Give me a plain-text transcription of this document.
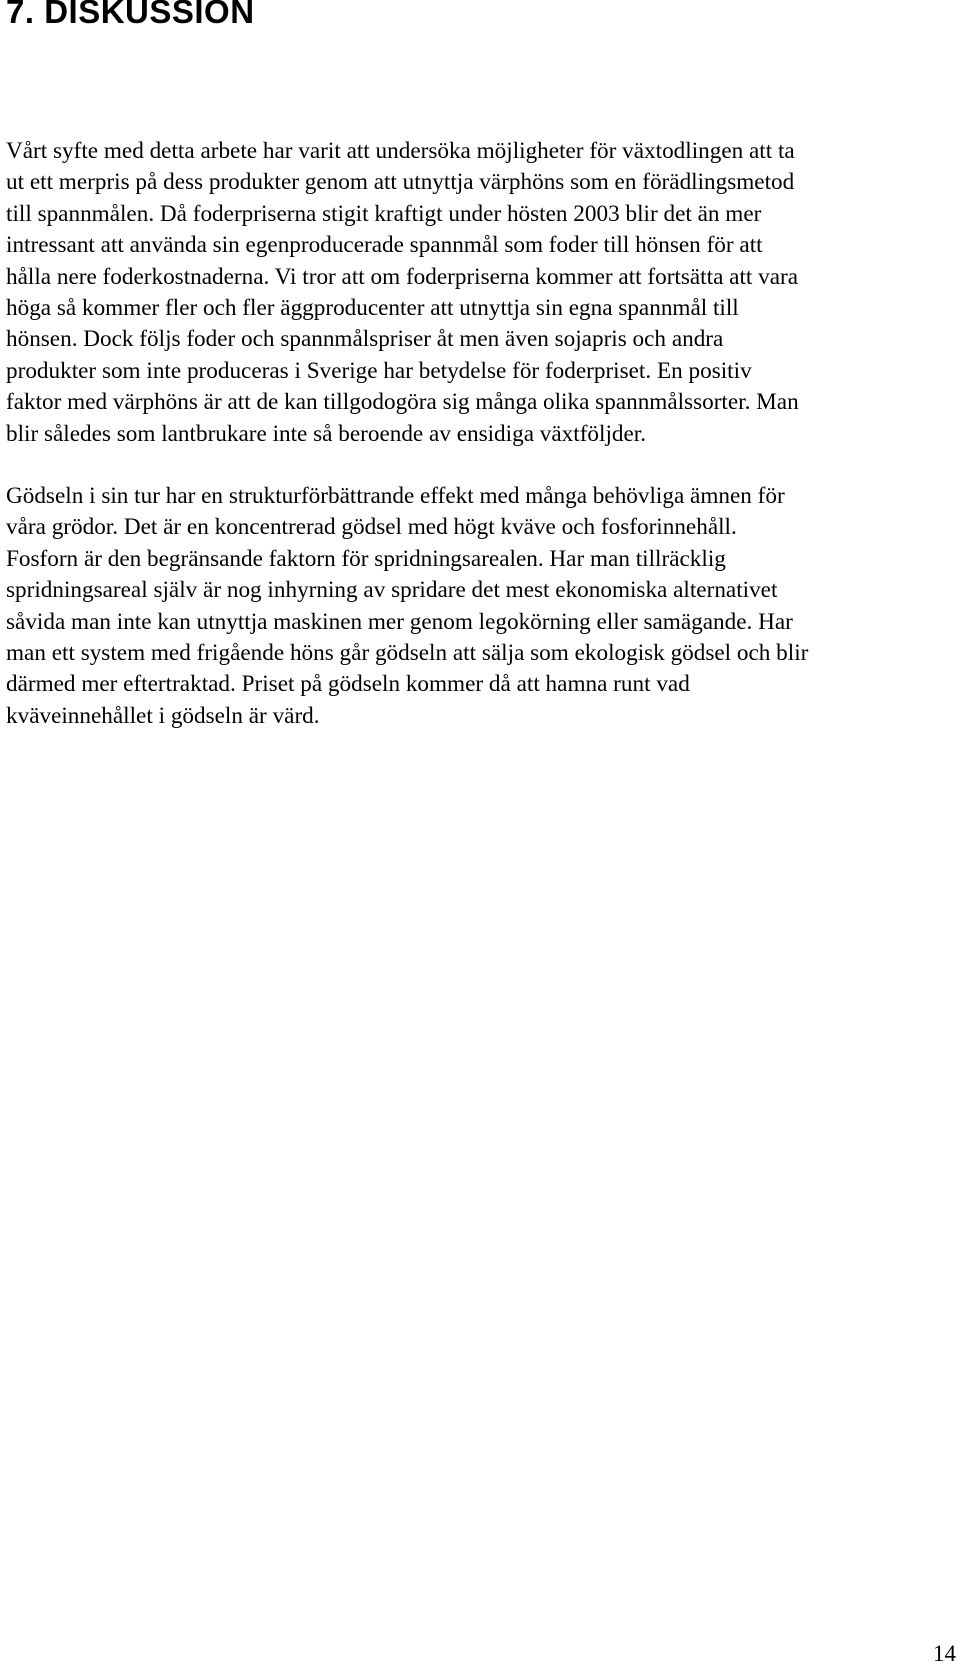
7. DISKUSSION

Vårt syfte med detta arbete har varit att undersöka möjligheter för växtodlingen att ta
ut ett merpris på dess produkter genom att utnyttja värphöns som en förädlingsmetod
till spannmålen. Då foderpriserna stigit kraftigt under hösten 2003 blir det än mer
intressant att använda sin egenproducerade spannmål som foder till hönsen för att
hålla nere foderkostnaderna. Vi tror att om foderpriserna kommer att fortsätta att vara
höga så kommer fler och fler äggproducenter att utnyttja sin egna spannmål till
hönsen. Dock följs foder och spannmålspriser åt men även sojapris och andra
produkter som inte produceras i Sverige har betydelse för foderpriset. En positiv
faktor med värphöns är att de kan tillgodogöra sig många olika spannmålssorter. Man
blir således som lantbrukare inte så beroende av ensidiga växtföljder.

Gödseln i sin tur har en strukturförbättrande effekt med många behövliga ämnen för
våra grödor. Det är en koncentrerad gödsel med högt kväve och fosforinnehåll.
Fosforn är den begränsande faktorn för spridningsarealen. Har man tillräcklig
spridningsareal själv är nog inhyrning av spridare det mest ekonomiska alternativet
såvida man inte kan utnyttja maskinen mer genom legokörning eller samägande. Har
man ett system med frigående höns går gödseln att sälja som ekologisk gödsel och blir
därmed mer eftertraktad. Priset på gödseln kommer då att hamna runt vad
kväveinnehållet i gödseln är värd.

14
